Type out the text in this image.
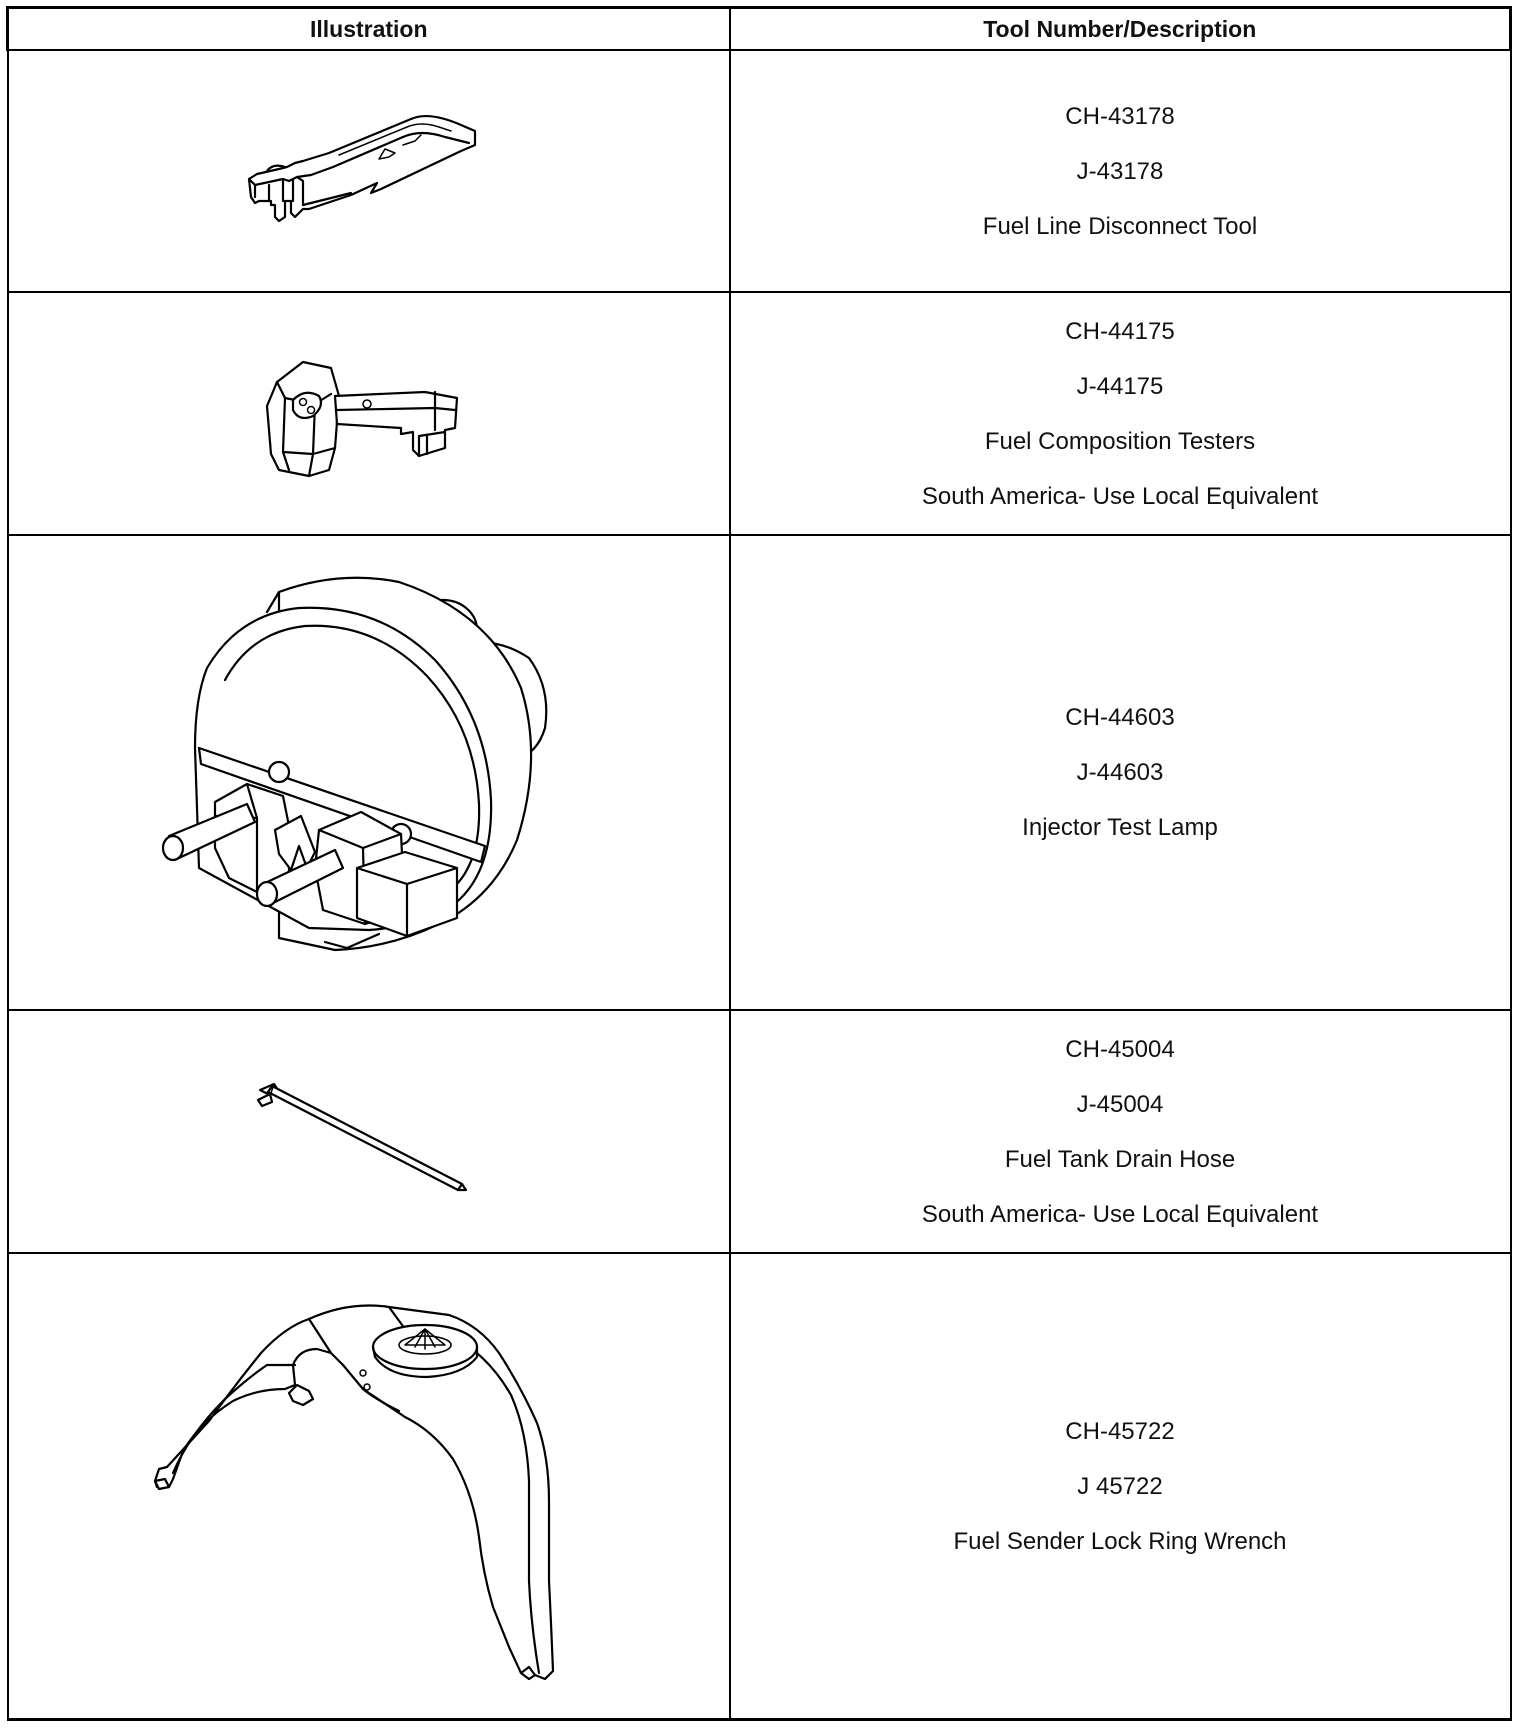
Illustration	Tool Number/Description

CH-43178
J-43178
Fuel Line Disconnect Tool

CH-44175
J-44175
Fuel Composition Testers
South America- Use Local Equivalent

CH-44603
J-44603
Injector Test Lamp

CH-45004
J-45004
Fuel Tank Drain Hose
South America- Use Local Equivalent

CH-45722
J 45722
Fuel Sender Lock Ring Wrench
